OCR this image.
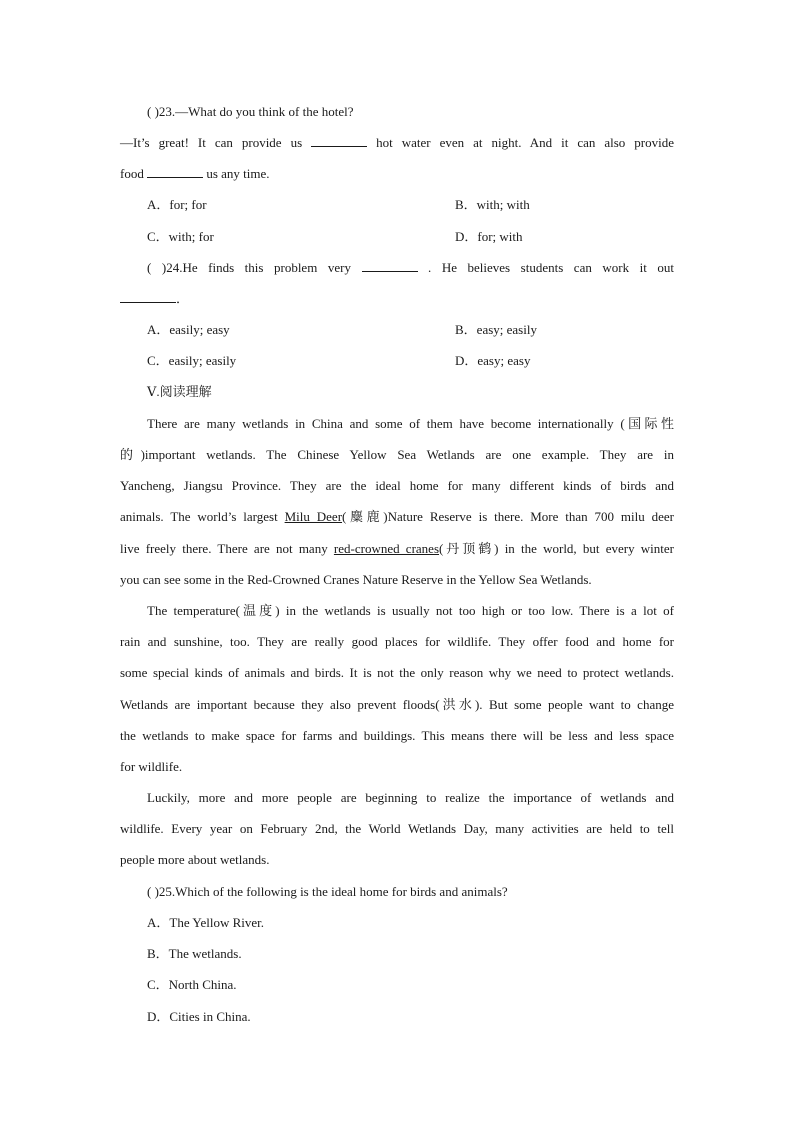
( )23.—What do you think of the hotel?
—It’s great! It can provide us	hot water even at night. And it can also provide
food	us any time.
A．for; for	B．with; with
C．with; for	D．for; with
( )24.He finds this problem very	. He believes students can work it out
．
A．easily; easy	B．easy; easily
C．easily; easily	D．easy; easy
Ⅴ.阅读理解
There are many wetlands in China and some of them have become internationally (国际性
的)important wetlands. The Chinese Yellow Sea Wetlands are one example. They are in
Yancheng, Jiangsu Province. They are the ideal home for many different kinds of birds and
animals. The world’s largest Milu Deer(麋鹿)Nature Reserve is there. More than 700 milu deer
live freely there. There are not many red-crowned cranes(丹顶鹤) in the world, but every winter
you can see some in the Red-Crowned Cranes Nature Reserve in the Yellow Sea Wetlands.
The temperature(温度) in the wetlands is usually not too high or too low. There is a lot of
rain and sunshine, too. They are really good places for wildlife. They offer food and home for
some special kinds of animals and birds. It is not the only reason why we need to protect wetlands.
Wetlands are important because they also prevent floods(洪水). But some people want to change
the wetlands to make space for farms and buildings. This means there will be less and less space
for wildlife.
Luckily, more and more people are beginning to realize the importance of wetlands and
wildlife. Every year on February 2nd, the World Wetlands Day, many activities are held to tell
people more about wetlands.
( )25.Which of the following is the ideal home for birds and animals?
A．The Yellow River.
B．The wetlands.
C．North China.
D．Cities in China.
